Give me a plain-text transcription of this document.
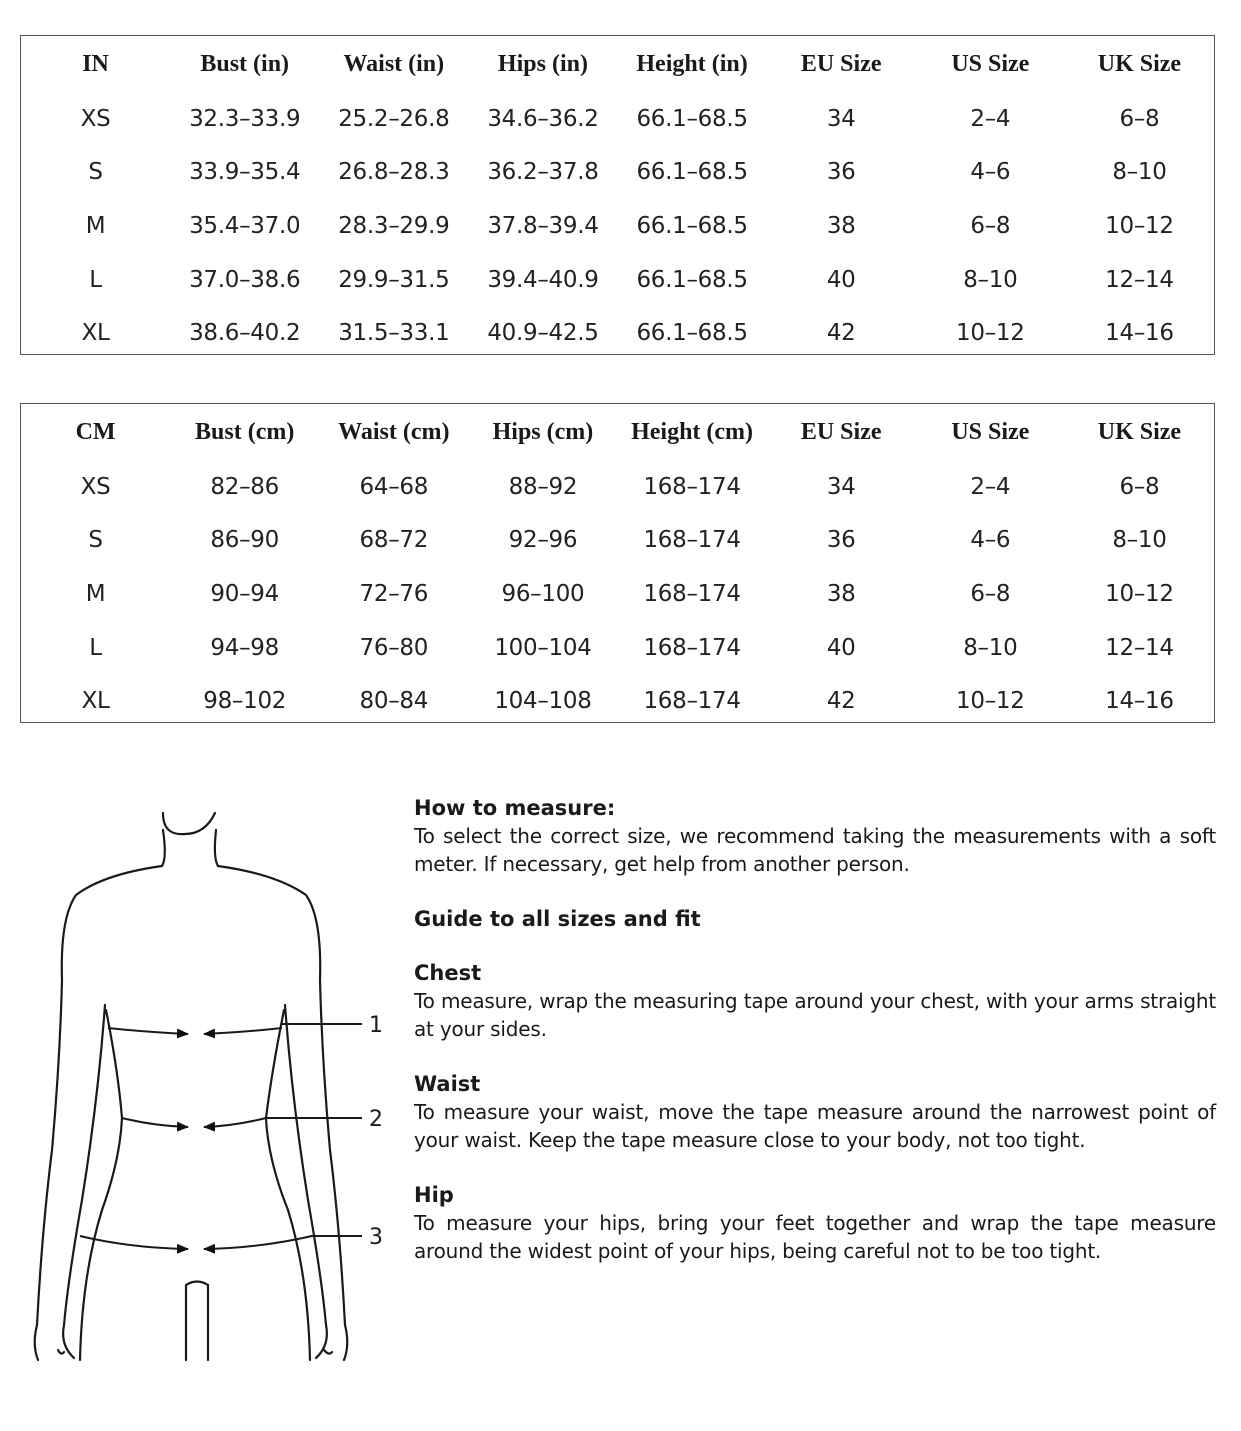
IN	Bust (in)	Waist (in)	Hips (in)	Height (in)	EU Size	US Size	UK Size
XS	32.3–33.9	25.2–26.8	34.6–36.2	66.1–68.5	34	2–4	6–8
S	33.9–35.4	26.8–28.3	36.2–37.8	66.1–68.5	36	4–6	8–10
M	35.4–37.0	28.3–29.9	37.8–39.4	66.1–68.5	38	6–8	10–12
L	37.0–38.6	29.9–31.5	39.4–40.9	66.1–68.5	40	8–10	12–14
XL	38.6–40.2	31.5–33.1	40.9–42.5	66.1–68.5	42	10–12	14–16
CM	Bust (cm)	Waist (cm)	Hips (cm)	Height (cm)	EU Size	US Size	UK Size
XS	82–86	64–68	88–92	168–174	34	2–4	6–8
S	86–90	68–72	92–96	168–174	36	4–6	8–10
M	90–94	72–76	96–100	168–174	38	6–8	10–12
L	94–98	76–80	100–104	168–174	40	8–10	12–14
XL	98–102	80–84	104–108	168–174	42	10–12	14–16
1
2
3
How to measure:

To select the correct size, we recommend taking the measurements with a soft meter. If necessary, get help from another person.

Guide to all sizes and fit
Chest

To measure, wrap the measuring tape around your chest, with your arms straight at your sides.

Waist

To measure your waist, move the tape measure around the narrowest point of your waist. Keep the tape measure close to your body, not too tight.

Hip

To measure your hips, bring your feet together and wrap the tape measure around the widest point of your hips, being careful not to be too tight.
